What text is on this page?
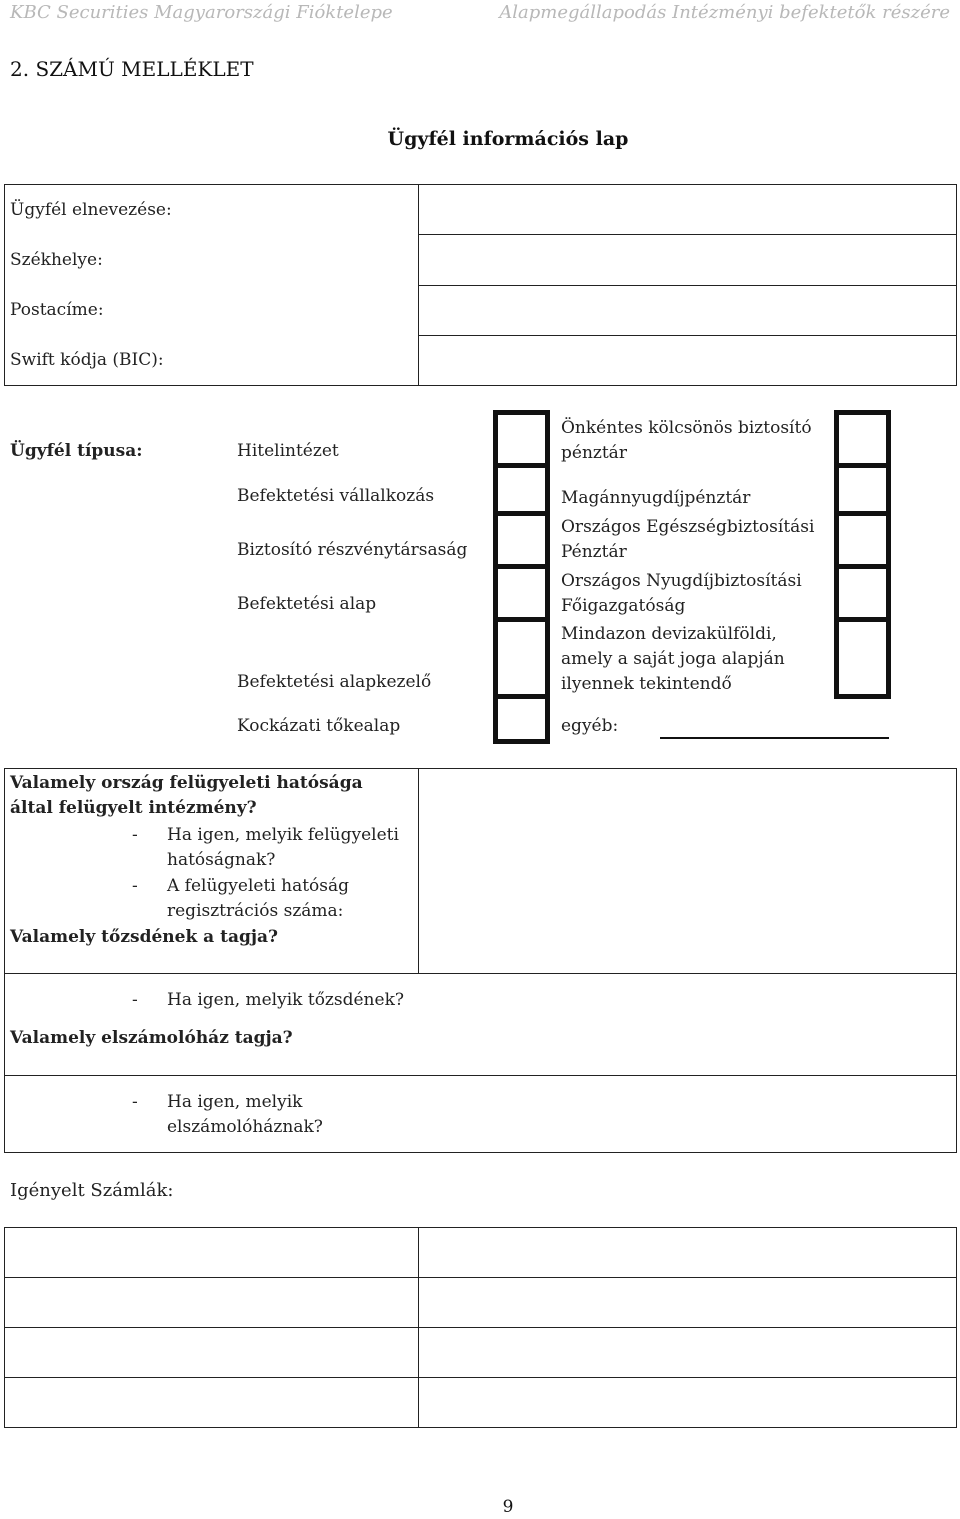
KBC Securities Magyarországi Fióktelepe	Alapmegállapodás Intézményi befektetők részére
2. SZÁMÚ MELLÉKLET
Ügyfél információs lap
Ügyfél elnevezése:
Székhelye:
Postacíme:
Swift kódja (BIC):
Ügyfél típusa:	Hitelintézet
Befektetési vállalkozás
Biztosító részvénytársaság
Befektetési alap
Befektetési alapkezelő
Kockázati tőkealap
Önkéntes kölcsönös biztosító pénztár
Magánnyugdíjpénztár
Országos Egészségbiztosítási Pénztár
Országos Nyugdíjbiztosítási Főigazgatóság
Mindazon devizakülföldi, amely a saját joga alapján ilyennek tekintendő
egyéb:
Valamely ország felügyeleti hatósága által felügyelt intézmény?
- Ha igen, melyik felügyeleti hatóságnak?
- A felügyeleti hatóság regisztrációs száma:
Valamely tőzsdének a tagja?
- Ha igen, melyik tőzsdének?
Valamely elszámolóház tagja?
- Ha igen, melyik elszámolóháznak?
Igényelt Számlák:
9
